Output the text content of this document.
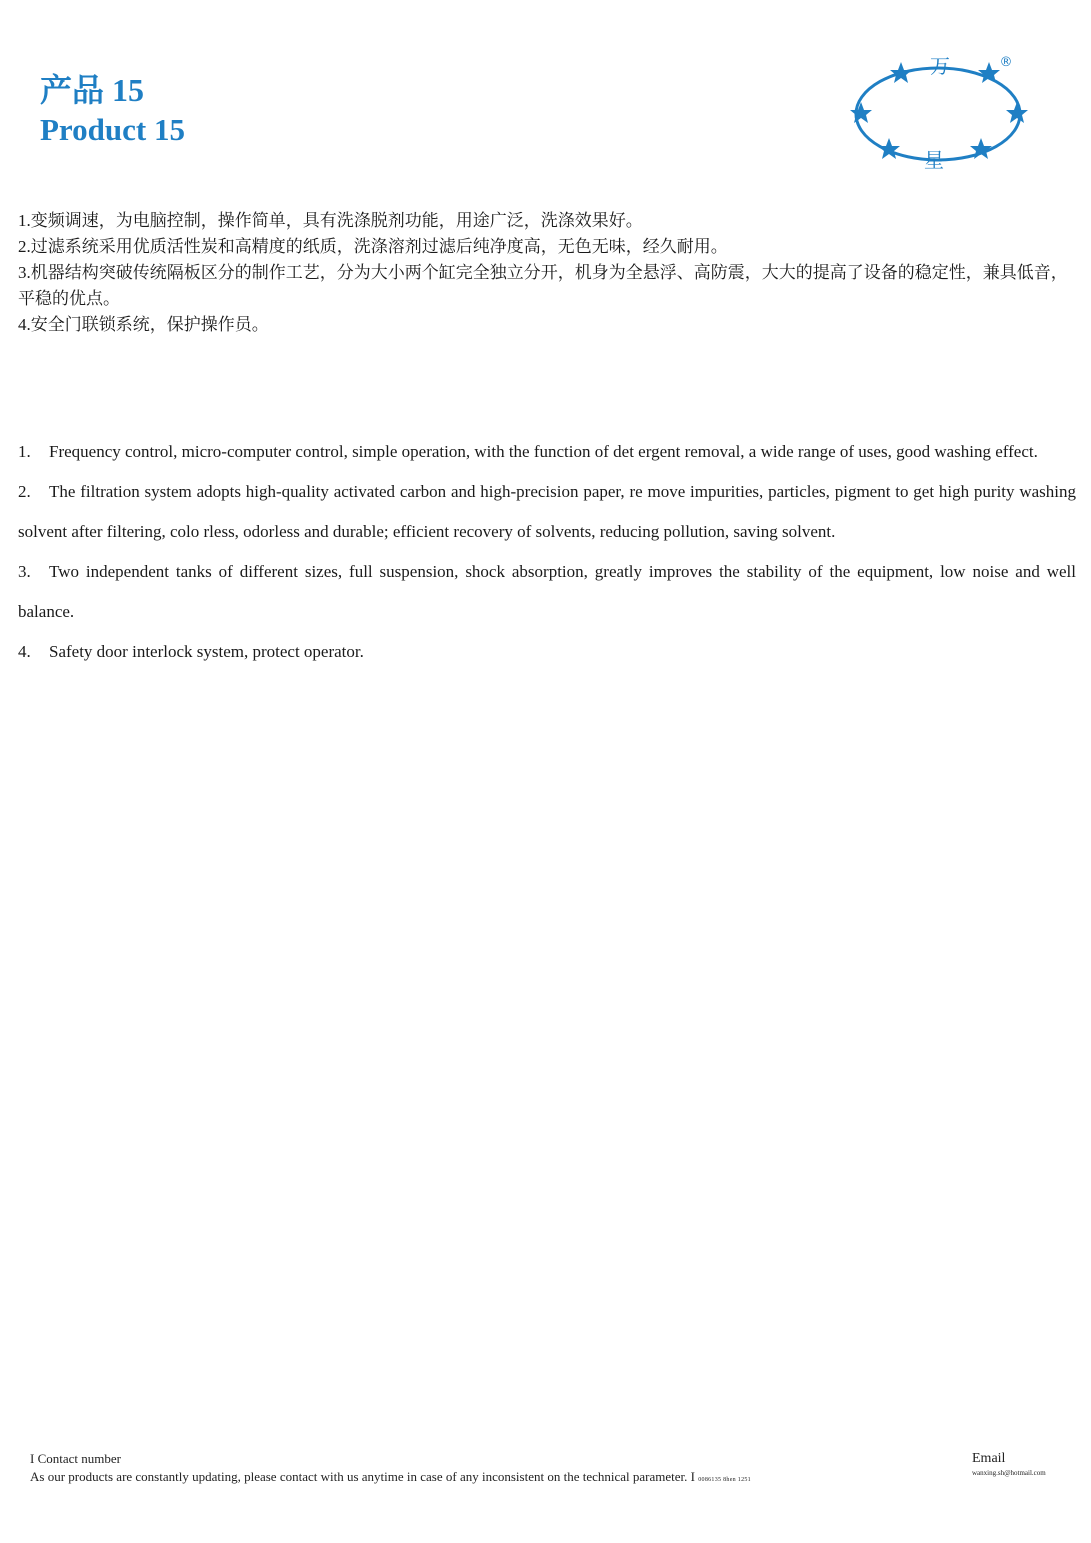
产品 15
Product 15
万
星
®
1.变频调速，为电脑控制，操作简单，具有洗涤脱剂功能，用途广泛，洗涤效果好。
2.过滤系统采用优质活性炭和高精度的纸质，洗涤溶剂过滤后纯净度高，无色无味，经久耐用。
3.机器结构突破传统隔板区分的制作工艺，分为大小两个缸完全独立分开，机身为全悬浮、高防震，大大的提高了设备的稳定性，兼具低音，平稳的优点。
4.安全门联锁系统，保护操作员。
1. Frequency control, micro-computer control, simple operation, with the function of det ergent removal, a wide range of uses, good washing effect.
2. The filtration system adopts high-quality activated carbon and high-precision paper, re move impurities, particles, pigment to get high purity washing solvent after filtering, colo rless, odorless and durable; efficient recovery of solvents, reducing pollution, saving solvent.
3. Two independent tanks of different sizes, full suspension, shock absorption, greatly improves the stability of the equipment, low noise and well balance.
4. Safety door interlock system, protect operator.
I Contact number
As our products are constantly updating, please contact with us anytime in case of any inconsistent on the technical parameter. I 0086135 8hen 1251
Email
wanxing.sh@hotmail.com
